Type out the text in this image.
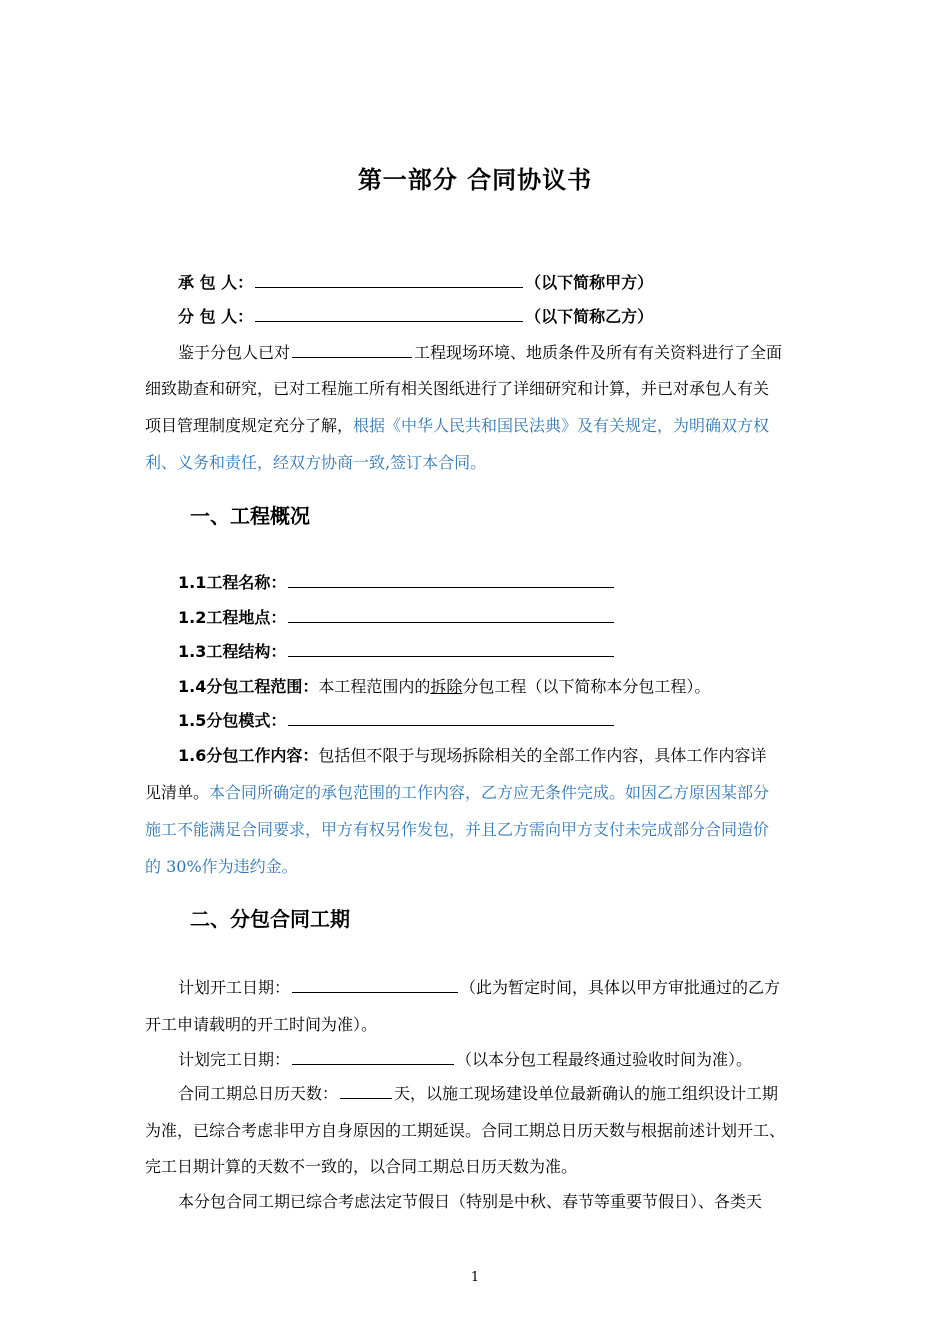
第一部分 合同协议书
承 包 人：	（以下简称甲方）
分 包 人：	（以下简称乙方）
鉴于分包人已对	工程现场环境、地质条件及所有有关资料进行了全面
细致勘查和研究，已对工程施工所有相关图纸进行了详细研究和计算，并已对承包人有关
项目管理制度规定充分了解，根据《中华人民共和国民法典》及有关规定，为明确双方权
利、义务和责任，经双方协商一致,签订本合同。
一、工程概况
1.1工程名称：
1.2工程地点：
1.3工程结构：
1.4分包工程范围：本工程范围内的拆除分包工程（以下简称本分包工程）。
1.5分包模式：
1.6分包工作内容：包括但不限于与现场拆除相关的全部工作内容，具体工作内容详
见清单。本合同所确定的承包范围的工作内容，乙方应无条件完成。如因乙方原因某部分
施工不能满足合同要求，甲方有权另作发包，并且乙方需向甲方支付未完成部分合同造价
的 30%作为违约金。
二、分包合同工期
计划开工日期：	（此为暂定时间，具体以甲方审批通过的乙方
开工申请载明的开工时间为准）。
计划完工日期：	（以本分包工程最终通过验收时间为准）。
合同工期总日历天数：	天，以施工现场建设单位最新确认的施工组织设计工期
为准，已综合考虑非甲方自身原因的工期延误。合同工期总日历天数与根据前述计划开工、
完工日期计算的天数不一致的，以合同工期总日历天数为准。
本分包合同工期已综合考虑法定节假日（特别是中秋、春节等重要节假日）、各类天
1
